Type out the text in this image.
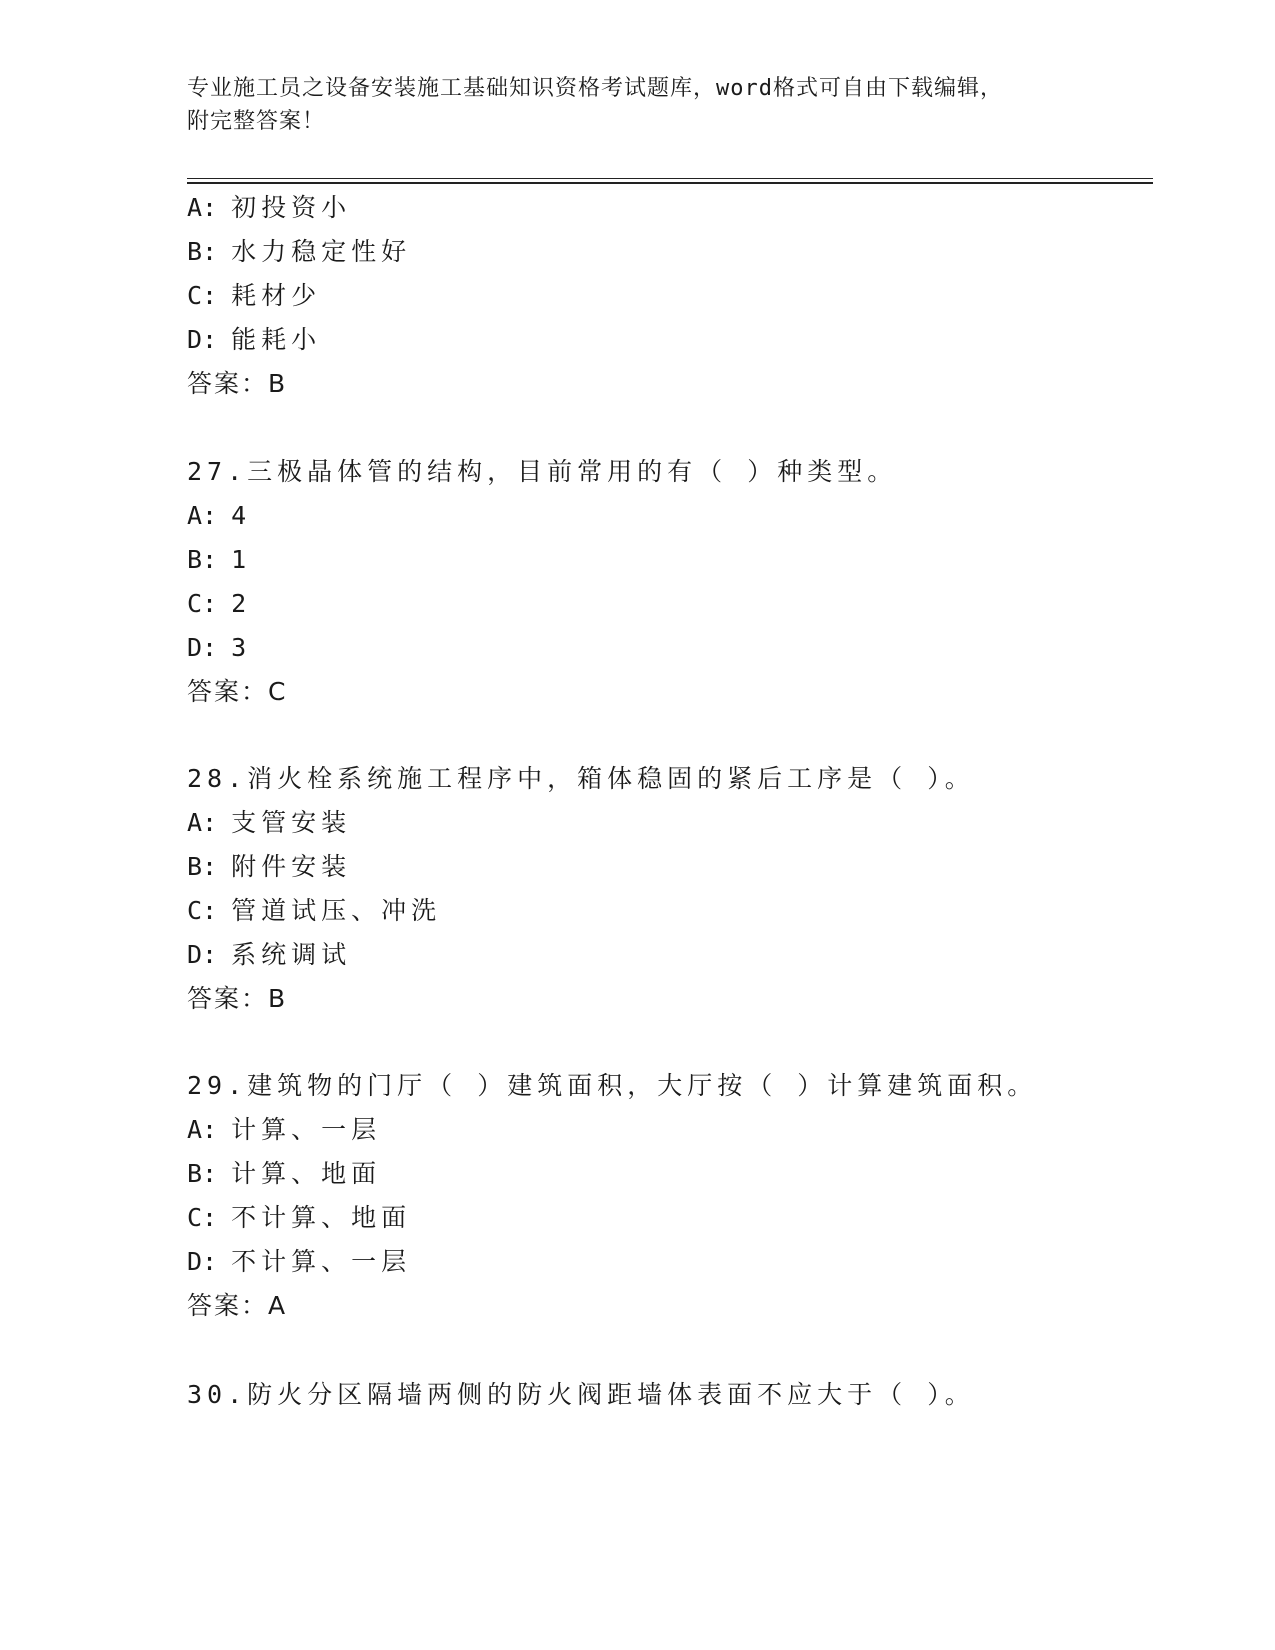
专业施工员之设备安装施工基础知识资格考试题库，word格式可自由下载编辑，
附完整答案！
A: 初投资小
B: 水力稳定性好
C: 耗材少
D: 能耗小
答案：B
27.三极晶体管的结构，目前常用的有（ ）种类型。
A: 4
B: 1
C: 2
D: 3
答案：C
28.消火栓系统施工程序中，箱体稳固的紧后工序是（ ）。
A: 支管安装
B: 附件安装
C: 管道试压、冲洗
D: 系统调试
答案：B
29.建筑物的门厅（ ）建筑面积，大厅按（ ）计算建筑面积。
A: 计算、一层
B: 计算、地面
C: 不计算、地面
D: 不计算、一层
答案：A
30.防火分区隔墙两侧的防火阀距墙体表面不应大于（ ）。
